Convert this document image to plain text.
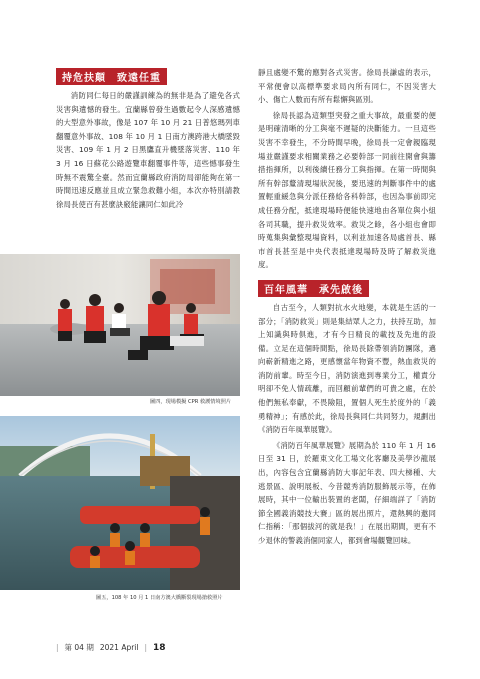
持危扶顛　致遠任重

消防同仁每日的嚴謹訓練為的無非是為了避免各式災害與遺憾的發生。宜蘭縣曾發生過數起令人深感遺憾的大型意外事故，像是 107 年 10 月 21 日普悠瑪列車翻覆意外事故、108 年 10 月 1 日南方澳跨港大橋墜毀災害、109 年 1 月 2 日黑鷹直升機墜落災害、110 年 3 月 16 日蘇花公路遊覽車翻覆事件等，這些憾事發生時無不震驚全臺。然而宜蘭縣政府消防局卻能夠在第一時間迅速反應並且成立緊急救難小組，本次亦特別請教徐局長使百有甚麼訣竅能讓同仁如此冷

靜且處變不驚的應對各式災害。徐局長謙虛的表示，平常便會以高標準要求局內所有同仁，不因災害大小、傷亡人數而有所有鬆懈與區別。

徐局長認為這類型突發之重大事故，最重要的便是明確清晰的分工與毫不遲疑的決斷能力。一旦這些災害不幸發生，不分時間早晚，徐局長一定會親臨現場並嚴謹要求相關業務之必要幹部一同前往開會與籌措指揮所，以利後續任務分工與指揮。在第一時間與所有幹部釐清現場狀況後，要迅速的判斷事件中的處置輕重緩急與分派任務給各科幹部，也因為事前即完成任務分配，抵達現場時便能快速地由各單位與小組各司其職，提升救災效率。救災之餘，各小組也會即時蒐集與彙整現場資料，以利並加速各局處首長、縣市首長甚至是中央代表抵達現場時及時了解救災進度。

百年風華　承先啟後

自古至今，人類對抗水火地變，本就是生活的一部分；「消防救災」則是集結眾人之力，扶持互助，加上知識與時俱進，才有今日精良的載技及先進的設備。立足在這個時間點，徐局長除帶領消防團隊，邁向嶄新精進之路，更感懷當年物資不豐，熱血救災的消防前輩。時至今日，消防演進到專業分工，權責分明卻不免人情疏離，而回顧前輩們的可貴之處，在於他們無私奉獻，不畏險阻，置個人死生於度外的「義勇精神」；有感於此，徐局長與同仁共同努力，規劃出《消防百年風華展覽》。

《消防百年風華展覽》展期為於 110 年 1 月 16 日至 31 日，於羅東文化工場文化客廳及美學沙龍展出，內容包含宜蘭縣消防大事記年表、四大梯種、大逃景區、說明展板、今昔競秀消防服飾展示等，在佈展時，其中一位輸出裝置的老闆，仔細端詳了「消防節全國義消競技大賽」區的展出照片，還熱興的邀同仁指稱：「那個拔河的就是我！」在展出期間，更有不少退休的警義消個同家人，都到會場觀覽回味。

圖四，現場模擬 CPR 救護情境照片
圖五，108 年 10 月 1 日南方澳大橋斷裂現場搶救照片
| 第 04 期 2021 April | 18
